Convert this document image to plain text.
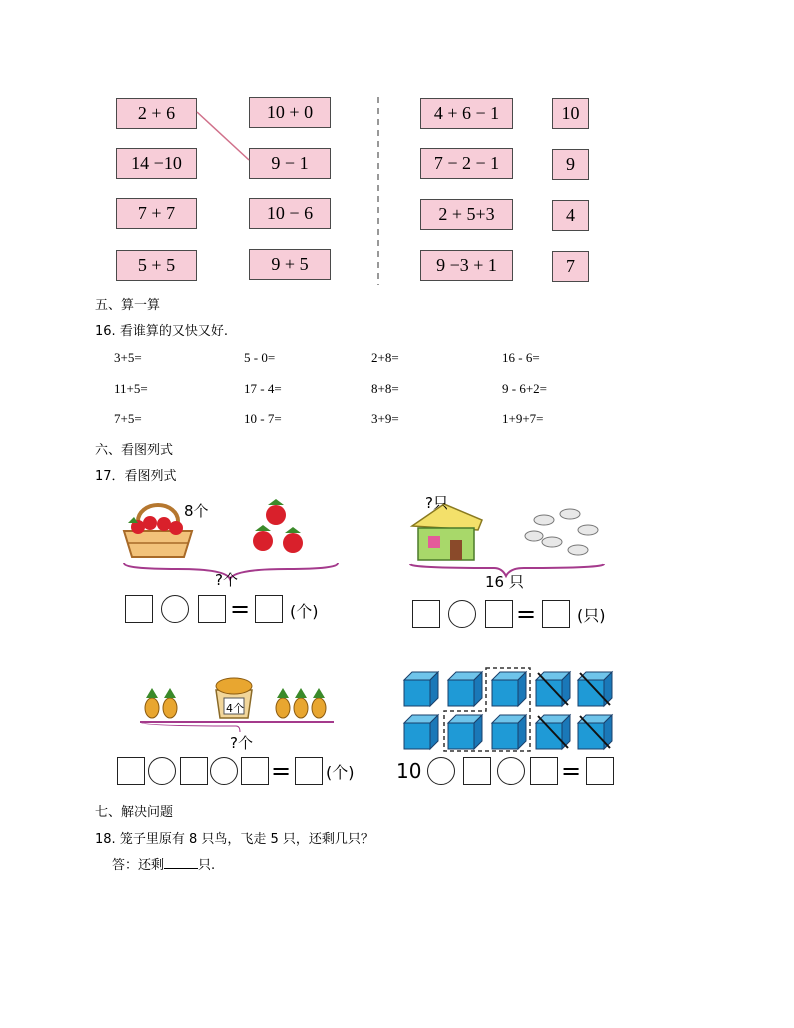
2 + 6
14 −10
7 + 7
5 + 5
10 + 0
9 − 1
10 − 6
9 + 5
4 + 6 − 1
7 − 2 − 1
2 + 5+3
9 −3 + 1
10
9
4
7
五、算一算
16. 看谁算的又快又好.
3+5=	5 - 0=	2+8=	16 - 6=
11+5=	17 - 4=	8+8=	9 - 6+2=
7+5=	10 - 7=	3+9=	1+9+7=
六、看图列式
17．看图列式
8个
?个
= (个)
?只
16 只
=	(只)
4个
?个
= (个) 10	=
七、解决问题
18. 笼子里原有 8 只鸟，飞走 5 只，还剩几只？
答：还剩	只.
